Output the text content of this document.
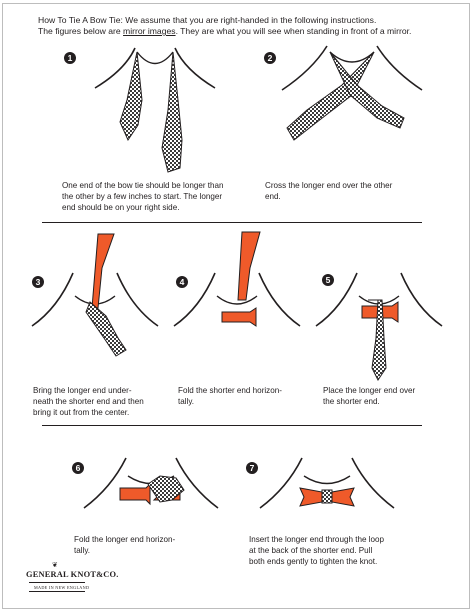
How To Tie A Bow Tie: We assume that you are right-handed in the following instructions.
The figures below are mirror images. They are what you will see when standing in front of a mirror.
1
One end of the bow tie should be longer than
the other by a few inches to start. The longer
end should be on your right side.
2
Cross the longer end over the other
end.
3
Bring the longer end under-
neath the shorter end and then
bring it out from the center.
4
Fold the shorter end horizon-
tally.
5
Place the longer end over
the shorter end.
6
Fold the longer end horizon-
tally.
7
Insert the longer end through the loop
at the back of the shorter end. Pull
both ends gently to tighten the knot.
❦
GENERAL KNOT&CO.
MADE IN NEW ENGLAND
